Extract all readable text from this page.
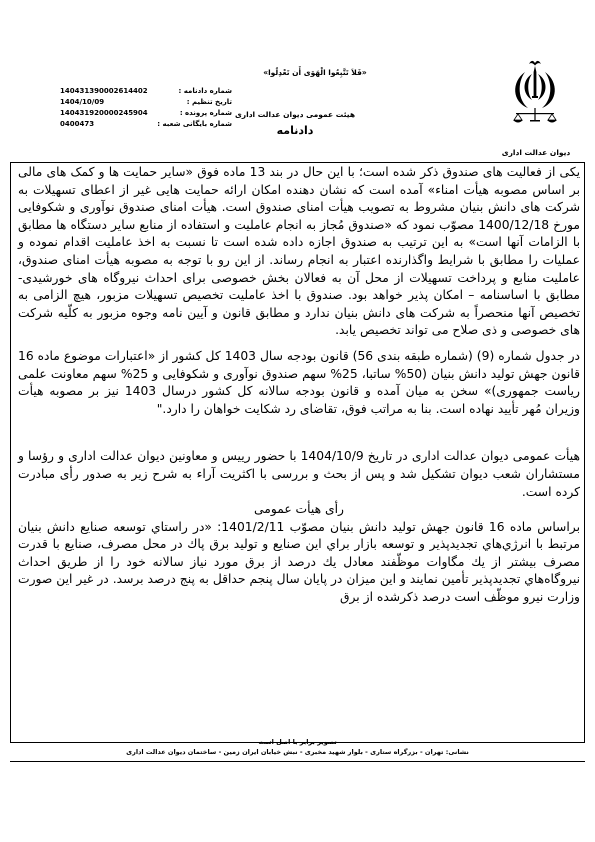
دیوان عدالت اداری
«فَلاَ تَتَّبِعُوا الْهَوَى أَن تَعْدِلُوا»
هیئت عمومی دیوان عدالت اداری
دادنامه
شماره دادنامه :
140431390002614402
تاریخ تنظیم :
1404/10/09
شماره پرونده :
140431920000245904
شماره بایگانی شعبه :
0400473

یکی از فعالیت های صندوق ذکر شده است؛ با این حال در بند 13 ماده فوق «سایر حمایت ها و کمک های مالی بر اساس مصوبه هیأت امناء» آمده است که نشان دهنده امکان ارائه حمایت هایی غیر از اعطای تسهیلات به شرکت های دانش بنیان مشروط به تصویب هیأت امنای صندوق است. هیأت امنای صندوق نوآوری و شکوفایی مورخ 1400/12/18 مصوّب نمود که «صندوق مُجاز به انجام عاملیت و استفاده از منابع سایر دستگاه ها مطابق با الزامات آنها است» به این ترتیب به صندوق اجازه داده شده است تا نسبت به اخذ عاملیت اقدام نموده و عملیات را مطابق با شرایط واگذارنده اعتبار به انجام رساند. از این رو با توجه به مصوبه هیأت امنای صندوق، عاملیت منابع و پرداخت تسهیلات از محل آن به فعالان بخش خصوصی برای احداث نیروگاه های خورشیدی- مطابق با اساسنامه – امکان پذیر خواهد بود. صندوق با اخذ عاملیت تخصیص تسهیلات مزبور، هیچ الزامی به تخصیص آنها منحصراً به شرکت های دانش بنیان ندارد و مطابق قانون و آیین نامه وجوه مزبور به کلّیه شرکت های خصوصی و ذی صلاح می تواند تخصیص یابد.

در جدول شماره (9) (شماره طبقه بندی 56) قانون بودجه سال 1403 کل کشور از «اعتبارات موضوع ماده 16 قانون جهش تولید دانش بنیان (50% ساتبا، 25% سهم صندوق نوآوری و شکوفایی و 25% سهم معاونت علمی ریاست جمهوری)» سخن به میان آمده و قانون بودجه سالانه کل کشور درسال 1403 نیز بر مصوبه هیأت وزیران مُهر تأیید نهاده است. بنا به مراتب فوق، تقاضای رد شکایت خواهان را دارد."

هیأت عمومی دیوان عدالت اداری در تاریخ 1404/10/9 با حضور رییس و معاونین دیوان عدالت اداری و رؤسا و مستشاران شعب دیوان تشکیل شد و پس از بحث و بررسی با اکثریت آراء به شرح زیر به صدور رأی مبادرت کرده است.

رأی هیأت عمومی

براساس ماده 16 قانون جهش تولید دانش بنیان مصوّب 1401/2/11: «در راستاي توسعه صنايع دانش بنيان مرتبط با انرژي‌هاي تجديدپذير و توسعه بازار براي اين صنايع و توليد برق پاك در محل مصرف، صنايع با قدرت مصرف بيشتر از يك مگاوات موظّفند معادل يك درصد از برق مورد نياز سالانه خود را از طريق احداث نيروگاه‌هاي تجديدپذير تأمين نمايند و اين ميزان در پايان سال پنجم حداقل به پنج درصد برسد. در غير اين صورت وزارت نيرو موظّف است درصد ذكرشده از برق

تصویر برابر با اصل است
نشانی: تهران - بزرگراه ستاری - بلوار شهید مخبری - نبش خیابان ایران زمین - ساختمان دیوان عدالت اداری
